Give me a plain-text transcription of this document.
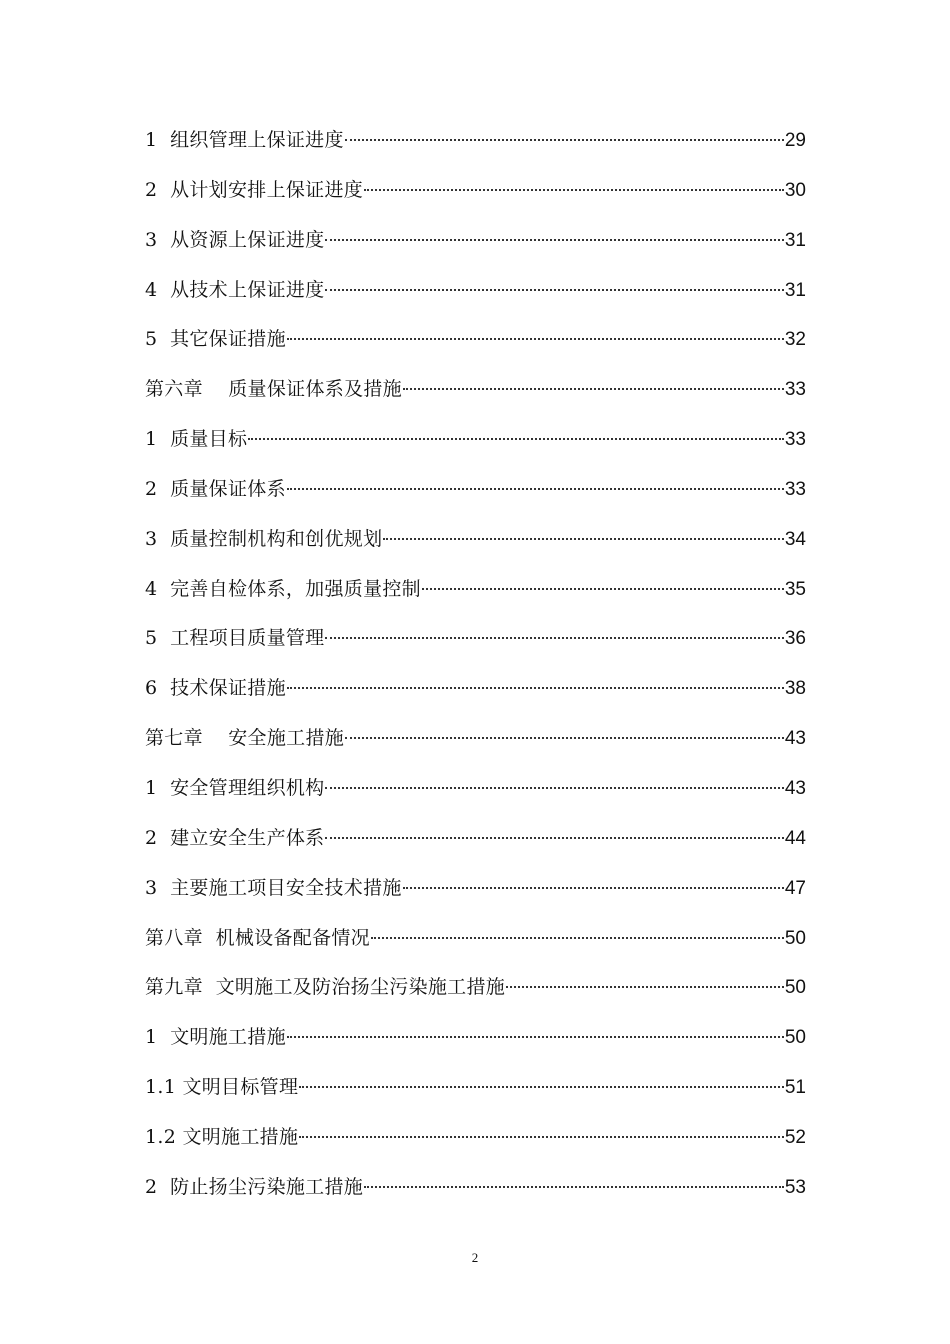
1  组织管理上保证进度	29
2  从计划安排上保证进度	30
3  从资源上保证进度	31
4  从技术上保证进度	31
5  其它保证措施	32
第六章    质量保证体系及措施	33
1  质量目标	33
2  质量保证体系	33
3  质量控制机构和创优规划	34
4  完善自检体系，加强质量控制	35
5  工程项目质量管理	36
6  技术保证措施	38
第七章    安全施工措施	43
1  安全管理组织机构	43
2  建立安全生产体系	44
3  主要施工项目安全技术措施	47
第八章  机械设备配备情况	50
第九章  文明施工及防治扬尘污染施工措施	50
1  文明施工措施	50
1.1 文明目标管理	51
1.2 文明施工措施	52
2  防止扬尘污染施工措施	53
2
